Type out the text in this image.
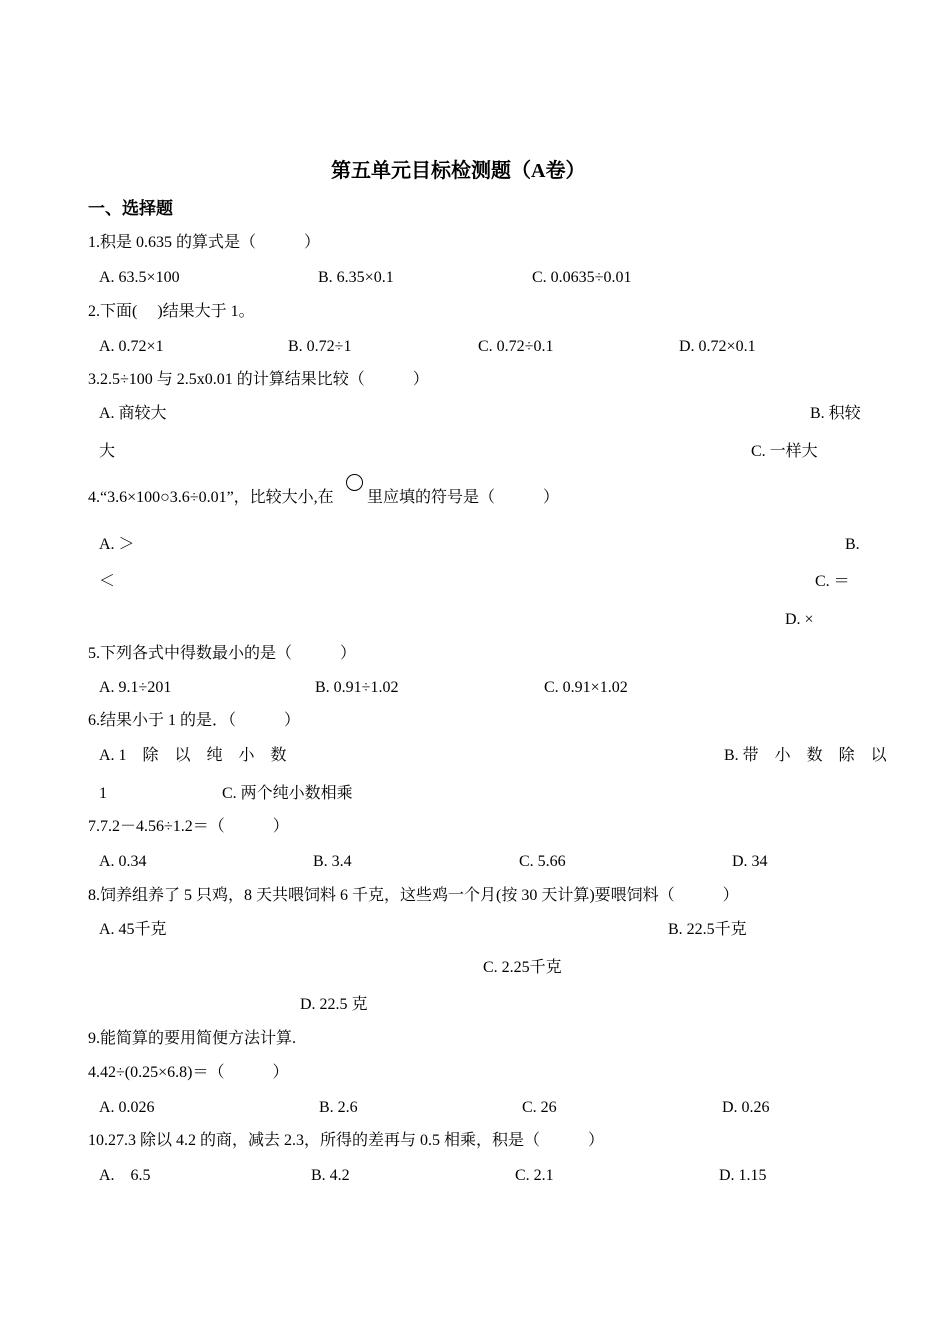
第五单元目标检测题（A卷）
一、选择题
1.积是 0.635 的算式是（　　　）
A. 63.5×100	B. 6.35×0.1	C. 0.0635÷0.01
2.下面(　 )结果大于 1。
A. 0.72×1	B. 0.72÷1	C. 0.72÷0.1	D. 0.72×0.1
3.2.5÷100 与 2.5x0.01 的计算结果比较（　　　）
A. 商较大	B. 积较
大	C. 一样大
4.“3.6×100○3.6÷0.01”，比较大小,在 里应填的符号是（　　　）
A. ＞	B.
＜	C. ＝
D. ×
5.下列各式中得数最小的是（　　　）
A. 9.1÷201	B. 0.91÷1.02	C. 0.91×1.02
6.结果小于 1 的是．（　　　）
A. 1　除　以　纯　小　数	B. 带　小　数　除　以
1	C. 两个纯小数相乘
7.7.2－4.56÷1.2＝（　　　）
A. 0.34	B. 3.4	C. 5.66	D. 34
8.饲养组养了 5 只鸡，8 天共喂饲料 6 千克，这些鸡一个月(按 30 天计算)要喂饲料（　　　）
A. 45千克	B. 22.5千克
C. 2.25千克
D. 22.5 克
9.能简算的要用简便方法计算.
4.42÷(0.25×6.8)＝（　　　）
A. 0.026	B. 2.6	C. 26	D. 0.26
10.27.3 除以 4.2 的商，减去 2.3，所得的差再与 0.5 相乘，积是（　　　）
A.　6.5	B. 4.2	C. 2.1	D. 1.15
